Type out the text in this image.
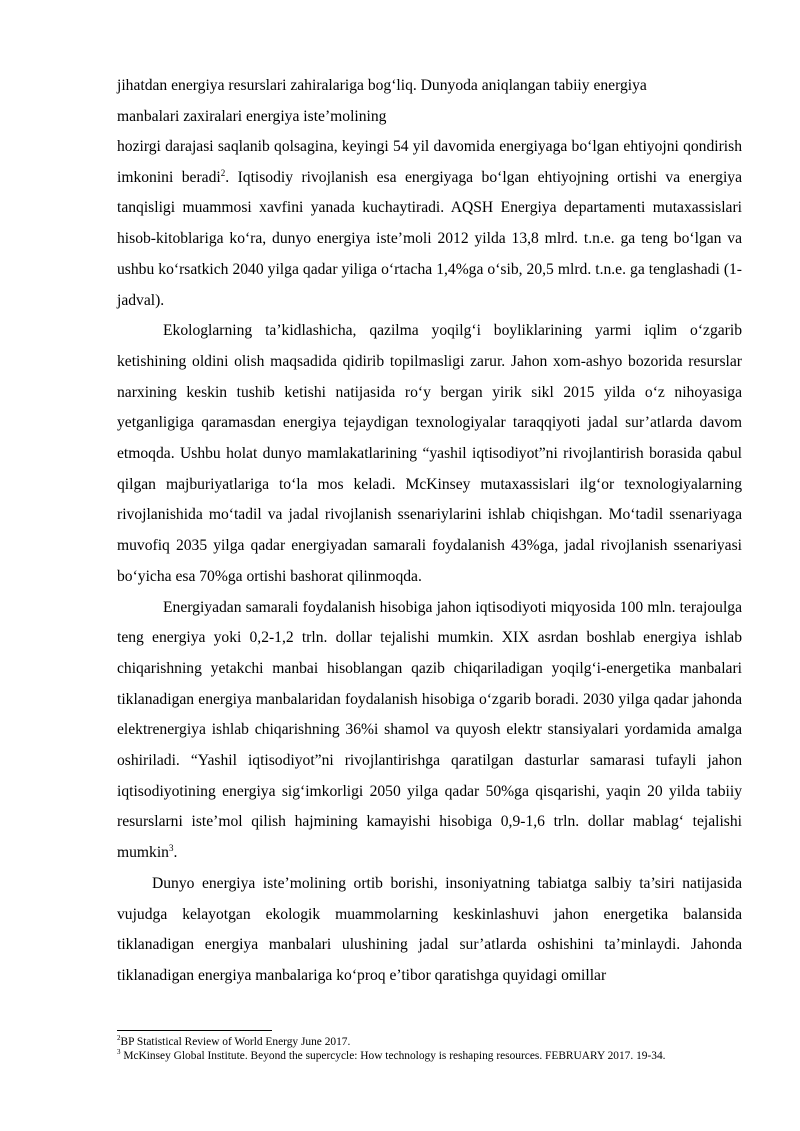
jihatdan energiya resurslari zahiralariga bog‘liq. Dunyoda aniqlangan tabiiy energiya
manbalari zaxiralari energiya iste’molining

hozirgi darajasi saqlanib qolsagina, keyingi 54 yil davomida energiyaga bo‘lgan ehtiyojni qondirish imkonini beradi$^2$. Iqtisodiy rivojlanish esa energiyaga bo‘lgan ehtiyojning ortishi va energiya tanqisligi muammosi xavfini yanada kuchaytiradi. AQSH Energiya departamenti mutaxassislari hisob-kitoblariga ko‘ra, dunyo energiya iste’moli 2012 yilda 13,8 mlrd. t.n.e. ga teng bo‘lgan va ushbu ko‘rsatkich 2040 yilga qadar yiliga o‘rtacha 1,4%ga o‘sib, 20,5 mlrd. t.n.e. ga tenglashadi (1-jadval).

Ekologlarning ta’kidlashicha, qazilma yoqilg‘i boyliklarining yarmi iqlim o‘zgarib ketishining oldini olish maqsadida qidirib topilmasligi zarur. Jahon xom-ashyo bozorida resurslar narxining keskin tushib ketishi natijasida ro‘y bergan yirik sikl 2015 yilda o‘z nihoyasiga yetganligiga qaramasdan energiya tejaydigan texnologiyalar taraqqiyoti jadal sur’atlarda davom etmoqda. Ushbu holat dunyo mamlakatlarining “yashil iqtisodiyot”ni rivojlantirish borasida qabul qilgan majburiyatlariga to‘la mos keladi. McKinsey mutaxassislari ilg‘or texnologiyalarning rivojlanishida mo‘tadil va jadal rivojlanish ssenariylarini ishlab chiqishgan. Mo‘tadil ssenariyaga muvofiq 2035 yilga qadar energiyadan samarali foydalanish 43%ga, jadal rivojlanish ssenariyasi bo‘yicha esa 70%ga ortishi bashorat qilinmoqda.

Energiyadan samarali foydalanish hisobiga jahon iqtisodiyoti miqyosida 100 mln. terajoulga teng energiya yoki 0,2-1,2 trln. dollar tejalishi mumkin. XIX asrdan boshlab energiya ishlab chiqarishning yetakchi manbai hisoblangan qazib chiqariladigan yoqilg‘i-energetika manbalari tiklanadigan energiya manbalaridan foydalanish hisobiga o‘zgarib boradi. 2030 yilga qadar jahonda elektrenergiya ishlab chiqarishning 36%i shamol va quyosh elektr stansiyalari yordamida amalga oshiriladi. “Yashil iqtisodiyot”ni rivojlantirishga qaratilgan dasturlar samarasi tufayli jahon iqtisodiyotining energiya sig‘imkorligi 2050 yilga qadar 50%ga qisqarishi, yaqin 20 yilda tabiiy resurslarni iste’mol qilish hajmining kamayishi hisobiga 0,9-1,6 trln. dollar mablag‘ tejalishi mumkin$^3$.

Dunyo energiya iste’molining ortib borishi, insoniyatning tabiatga salbiy ta’siri natijasida vujudga kelayotgan ekologik muammolarning keskinlashuvi jahon energetika balansida tiklanadigan energiya manbalari ulushining jadal sur’atlarda oshishini ta’minlaydi. Jahonda tiklanadigan energiya manbalariga ko‘proq e’tibor qaratishga quyidagi omillar

$^2$BP Statistical Review of World Energy June 2017.

$^3$ McKinsey Global Institute. Beyond the supercycle: How technology is reshaping resources. FEBRUARY 2017. 19-34.
